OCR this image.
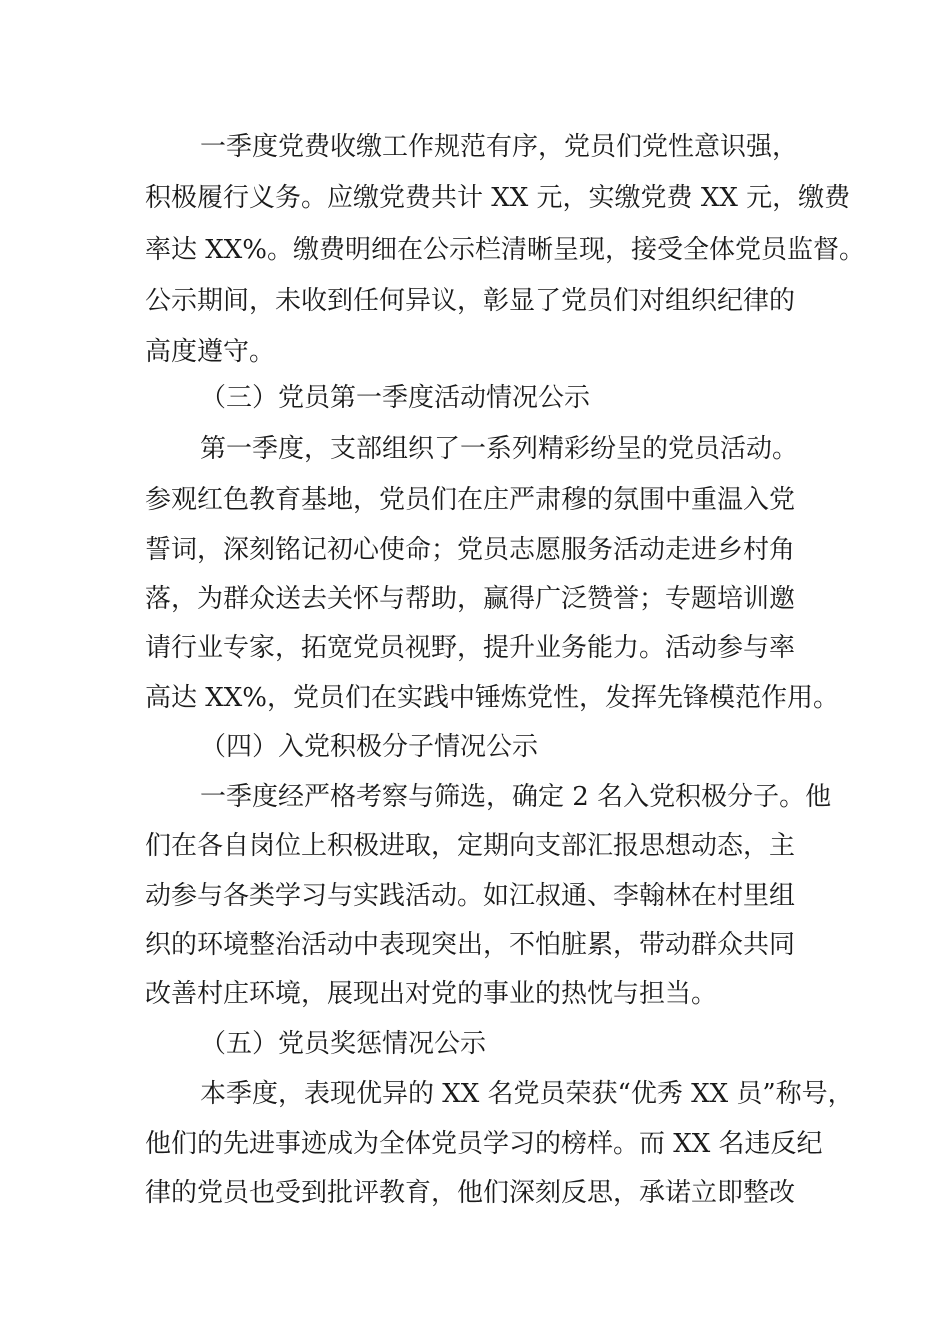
一季度党费收缴工作规范有序，党员们党性意识强，
积极履行义务。应缴党费共计 XX 元，实缴党费 XX 元，缴费
率达 XX%。缴费明细在公示栏清晰呈现，接受全体党员监督。
公示期间，未收到任何异议，彰显了党员们对组织纪律的
高度遵守。
（三）党员第一季度活动情况公示
第一季度，支部组织了一系列精彩纷呈的党员活动。
参观红色教育基地，党员们在庄严肃穆的氛围中重温入党
誓词，深刻铭记初心使命；党员志愿服务活动走进乡村角
落，为群众送去关怀与帮助，赢得广泛赞誉；专题培训邀
请行业专家，拓宽党员视野，提升业务能力。活动参与率
高达 XX%，党员们在实践中锤炼党性，发挥先锋模范作用。
（四）入党积极分子情况公示
一季度经严格考察与筛选，确定 2 名入党积极分子。他
们在各自岗位上积极进取，定期向支部汇报思想动态，主
动参与各类学习与实践活动。如江叔通、李翰林在村里组
织的环境整治活动中表现突出，不怕脏累，带动群众共同
改善村庄环境，展现出对党的事业的热忱与担当。
（五）党员奖惩情况公示
本季度，表现优异的 XX 名党员荣获“优秀 XX 员”称号，
他们的先进事迹成为全体党员学习的榜样。而 XX 名违反纪
律的党员也受到批评教育，他们深刻反思，承诺立即整改
